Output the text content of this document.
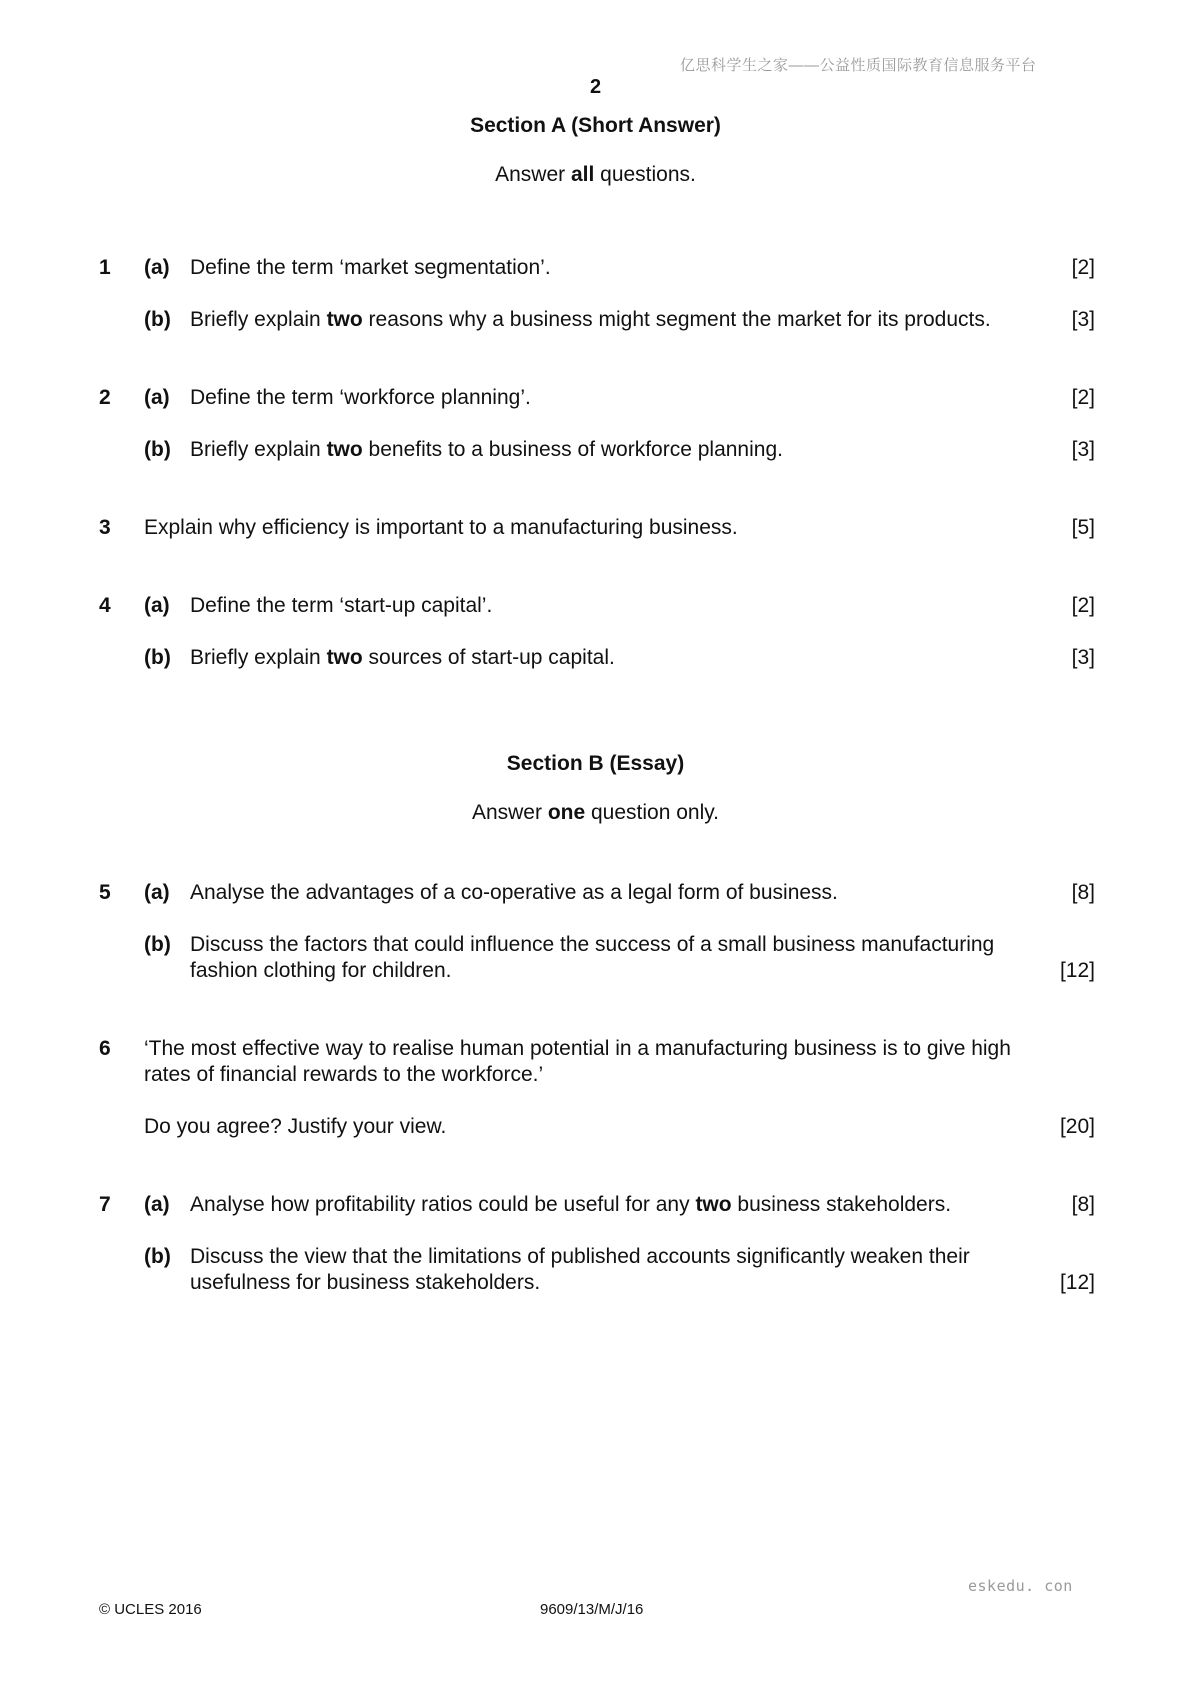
亿思科学生之家——公益性质国际教育信息服务平台
2
Section A (Short Answer)
Answer all questions.
1 (a) Define the term ‘market segmentation’.	[2]
(b) Briefly explain two reasons why a business might segment the market for its products.	[3]
2 (a) Define the term ‘workforce planning’.	[2]
(b) Briefly explain two benefits to a business of workforce planning.	[3]
3 Explain why efficiency is important to a manufacturing business.	[5]
4 (a) Define the term ‘start-up capital’.	[2]
(b) Briefly explain two sources of start-up capital.	[3]
Section B (Essay)
Answer one question only.
5 (a) Analyse the advantages of a co-operative as a legal form of business.	[8]
(b) Discuss the factors that could influence the success of a small business manufacturing
fashion clothing for children.	[12]
6 ‘The most effective way to realise human potential in a manufacturing business is to give high
rates of financial rewards to the workforce.’
Do you agree? Justify your view.	[20]
7 (a) Analyse how profitability ratios could be useful for any two business stakeholders.	[8]
(b) Discuss the view that the limitations of published accounts significantly weaken their
usefulness for business stakeholders.	[12]
eskedu. con
© UCLES 2016	9609/13/M/J/16
